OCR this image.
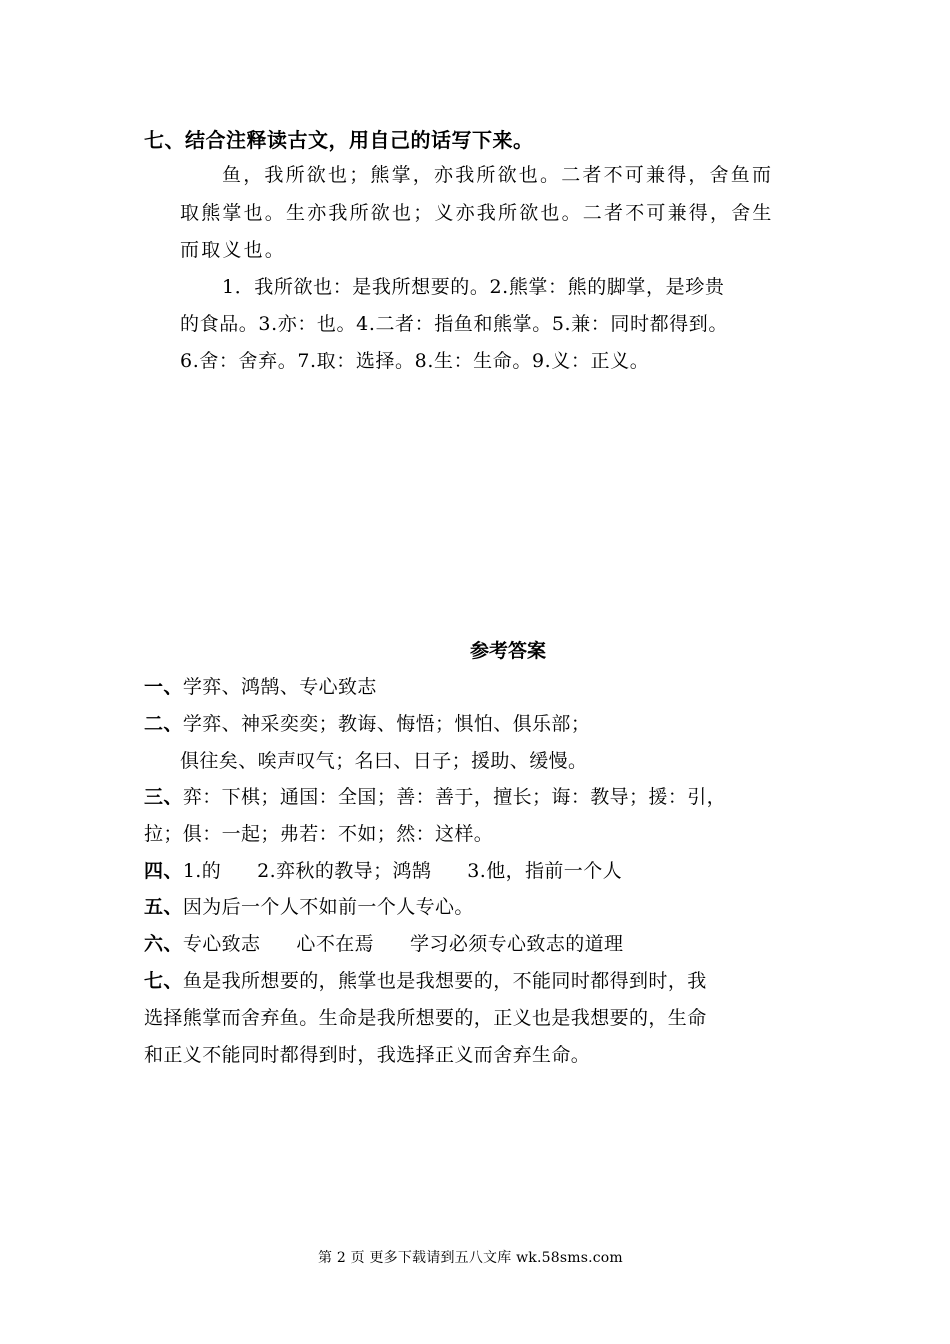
七、结合注释读古文，用自己的话写下来。
鱼，我所欲也；熊掌，亦我所欲也。二者不可兼得，舍鱼而
取熊掌也。生亦我所欲也；义亦我所欲也。二者不可兼得，舍生
而取义也。
1．我所欲也：是我所想要的。2.熊掌：熊的脚掌，是珍贵
的食品。3.亦：也。4.二者：指鱼和熊掌。5.兼：同时都得到。
6.舍：舍弃。7.取：选择。8.生：生命。9.义：正义。
参考答案
一、学弈、鸿鹄、专心致志
二、学弈、神采奕奕；教诲、悔悟；惧怕、俱乐部；
俱往矣、唉声叹气；名曰、日子；援助、缓慢。
三、弈：下棋；通国：全国；善：善于，擅长；诲：教导；援：引，
拉；俱：一起；弗若：不如；然：这样。
四、1.的 2.弈秋的教导；鸿鹄 3.他，指前一个人
五、因为后一个人不如前一个人专心。
六、专心致志 心不在焉 学习必须专心致志的道理
七、鱼是我所想要的，熊掌也是我想要的，不能同时都得到时，我
选择熊掌而舍弃鱼。生命是我所想要的，正义也是我想要的，生命
和正义不能同时都得到时，我选择正义而舍弃生命。
第 2 页 更多下载请到五八文库 wk.58sms.com
